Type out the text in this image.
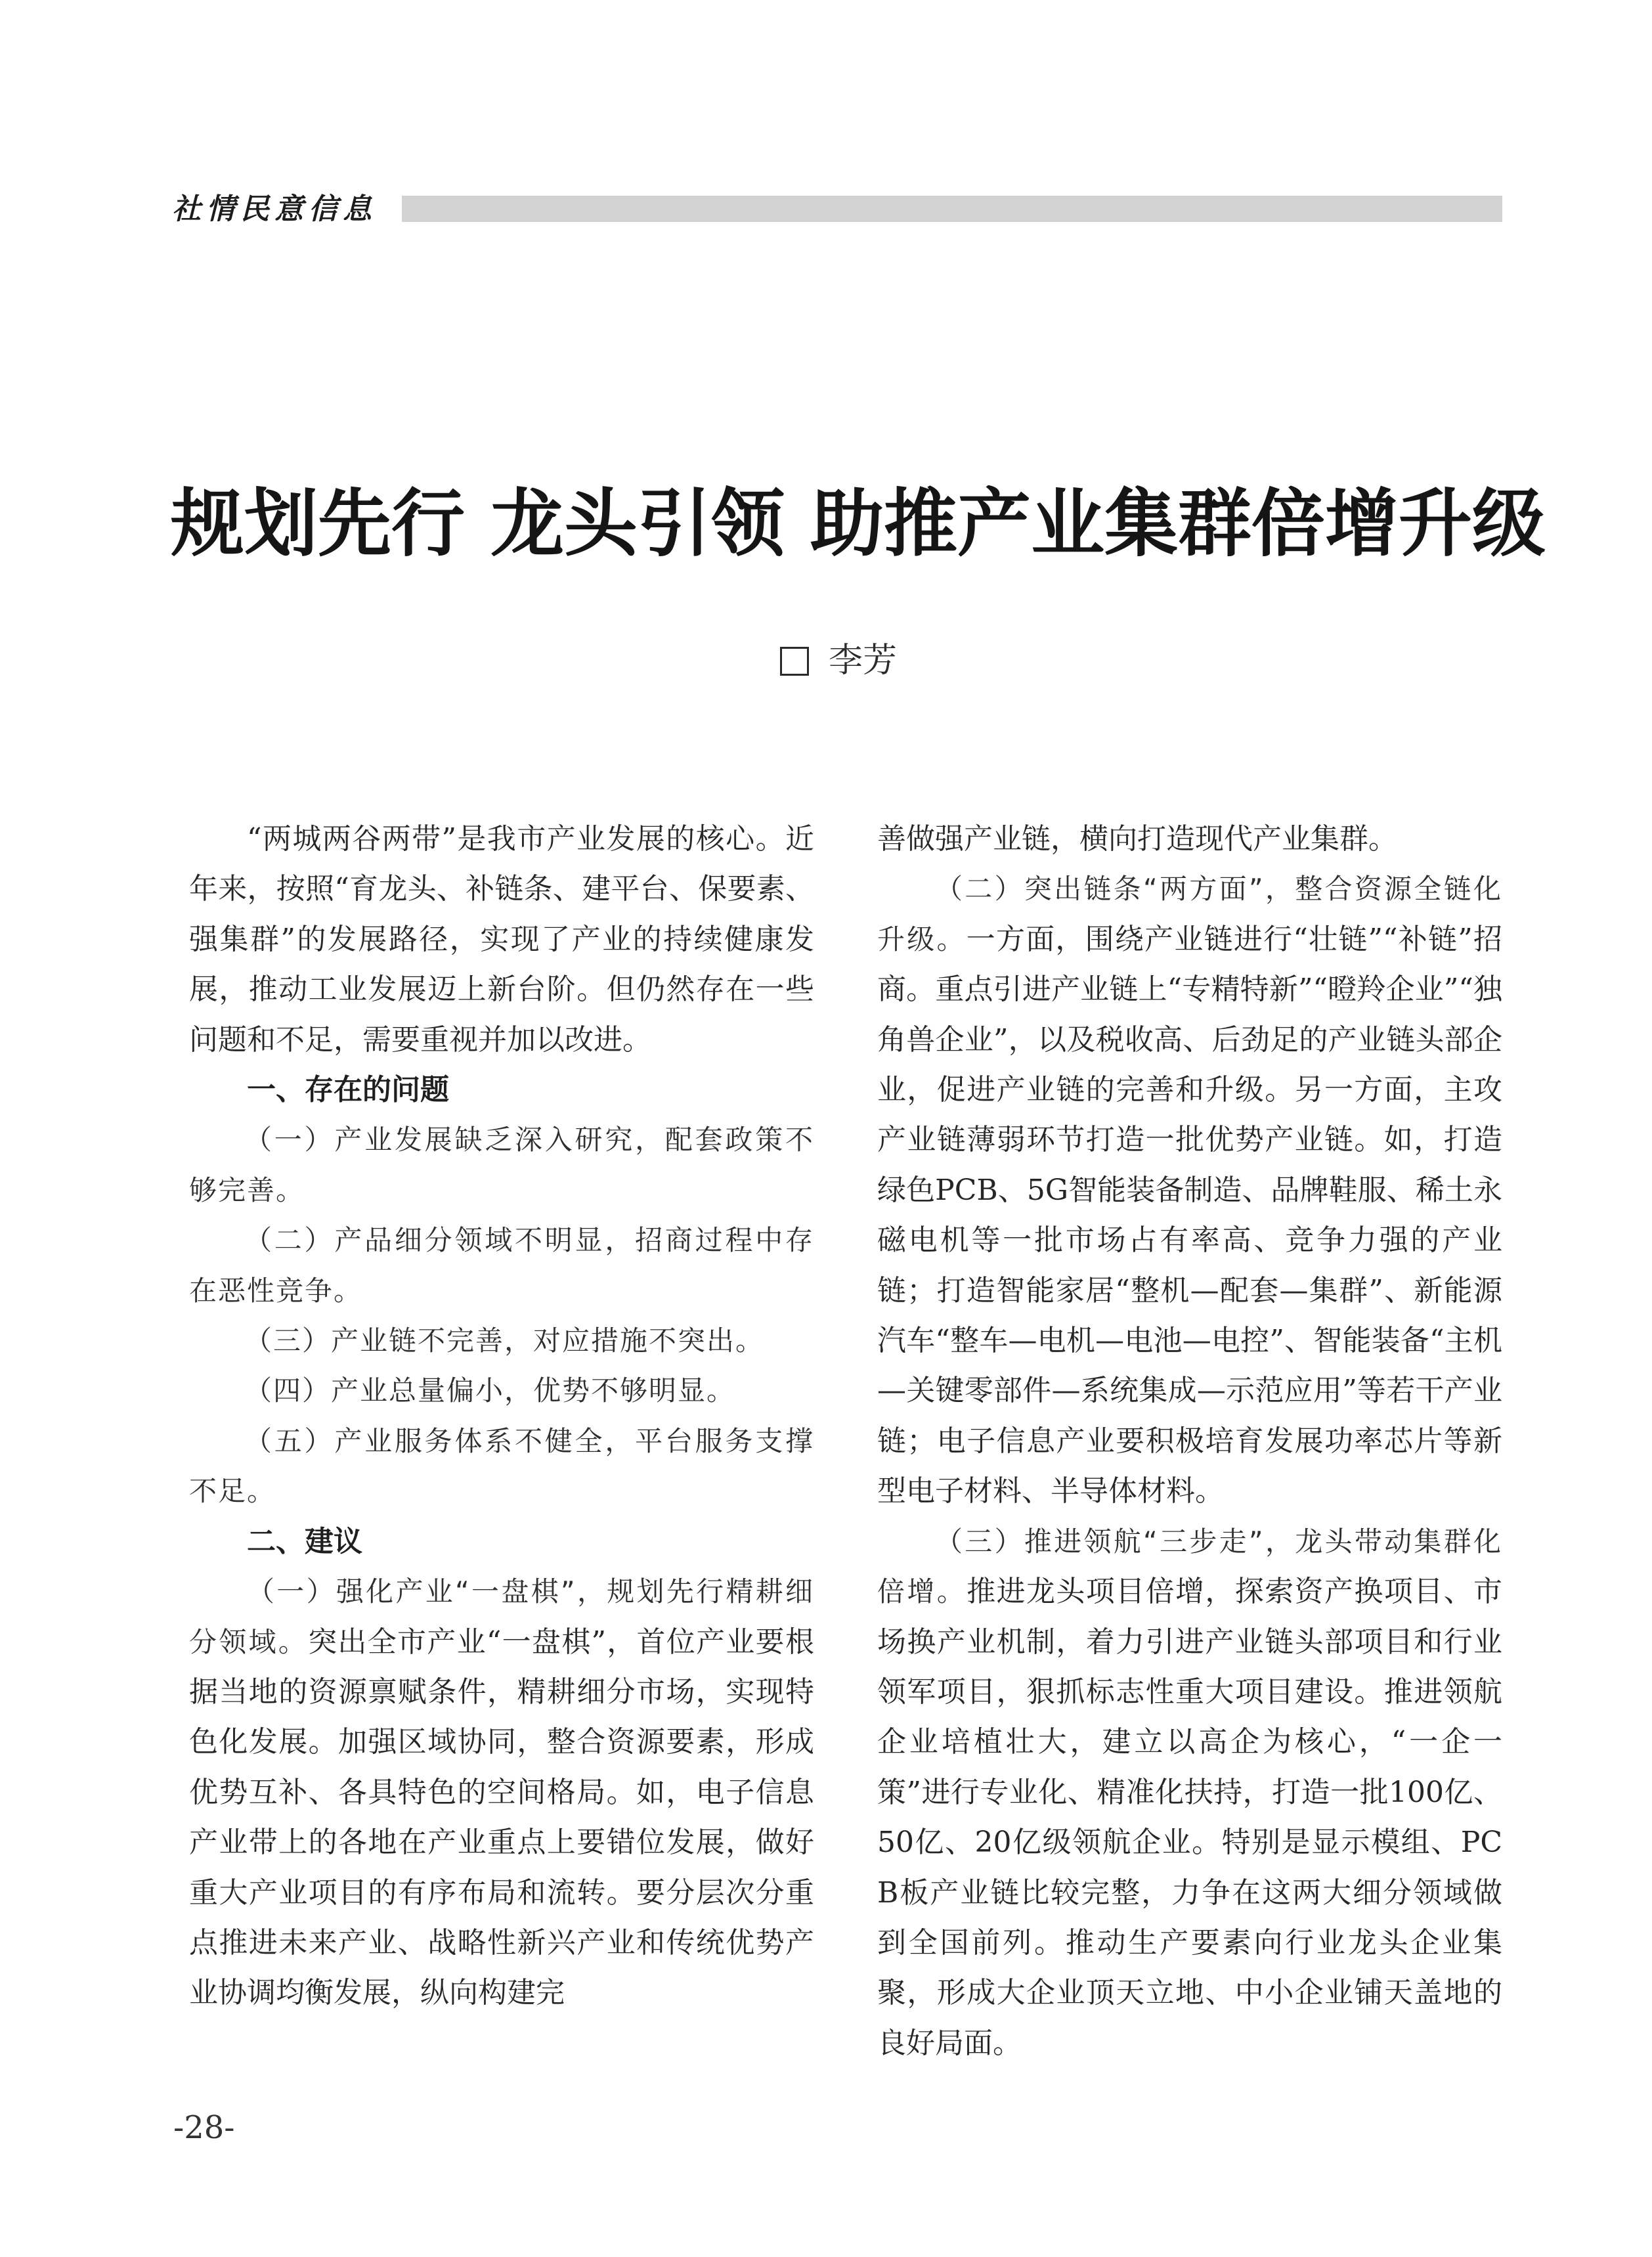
社情民意信息
规划先行 龙头引领 助推产业集群倍增升级
李芳

“两城两谷两带”是我市产业发展的核心。近年来，按照“育龙头、补链条、建平台、保要素、强集群”的发展路径，实现了产业的持续健康发展，推动工业发展迈上新台阶。但仍然存在一些问题和不足，需要重视并加以改进。

一、存在的问题

（一）产业发展缺乏深入研究，配套政策不够完善。

（二）产品细分领域不明显，招商过程中存在恶性竞争。

（三）产业链不完善，对应措施不突出。

（四）产业总量偏小，优势不够明显。

（五）产业服务体系不健全，平台服务支撑不足。

二、建议

（一）强化产业“一盘棋”，规划先行精耕细分领域。突出全市产业“一盘棋”，首位产业要根据当地的资源禀赋条件，精耕细分市场，实现特色化发展。加强区域协同，整合资源要素，形成优势互补、各具特色的空间格局。如，电子信息产业带上的各地在产业重点上要错位发展，做好重大产业项目的有序布局和流转。要分层次分重点推进未来产业、战略性新兴产业和传统优势产业协调均衡发展，纵向构建完

善做强产业链，横向打造现代产业集群。

（二）突出链条“两方面”，整合资源全链化升级。一方面，围绕产业链进行“壮链”“补链”招商。重点引进产业链上“专精特新”“瞪羚企业”“独角兽企业”，以及税收高、后劲足的产业链头部企业，促进产业链的完善和升级。另一方面，主攻产业链薄弱环节打造一批优势产业链。如，打造绿色PCB、5G智能装备制造、品牌鞋服、稀土永磁电机等一批市场占有率高、竞争力强的产业链；打造智能家居“整机—配套—集群”、新能源汽车“整车—电机—电池—电控”、智能装备“主机—关键零部件—系统集成—示范应用”等若干产业链；电子信息产业要积极培育发展功率芯片等新型电子材料、半导体材料。

（三）推进领航“三步走”，龙头带动集群化倍增。推进龙头项目倍增，探索资产换项目、市场换产业机制，着力引进产业链头部项目和行业领军项目，狠抓标志性重大项目建设。推进领航企业培植壮大，建立以高企为核心，“一企一策”进行专业化、精准化扶持，打造一批100亿、50亿、20亿级领航企业。特别是显示模组、PCB板产业链比较完整，力争在这两大细分领域做到全国前列。推动生产要素向行业龙头企业集聚，形成大企业顶天立地、中小企业铺天盖地的良好局面。

-28-
